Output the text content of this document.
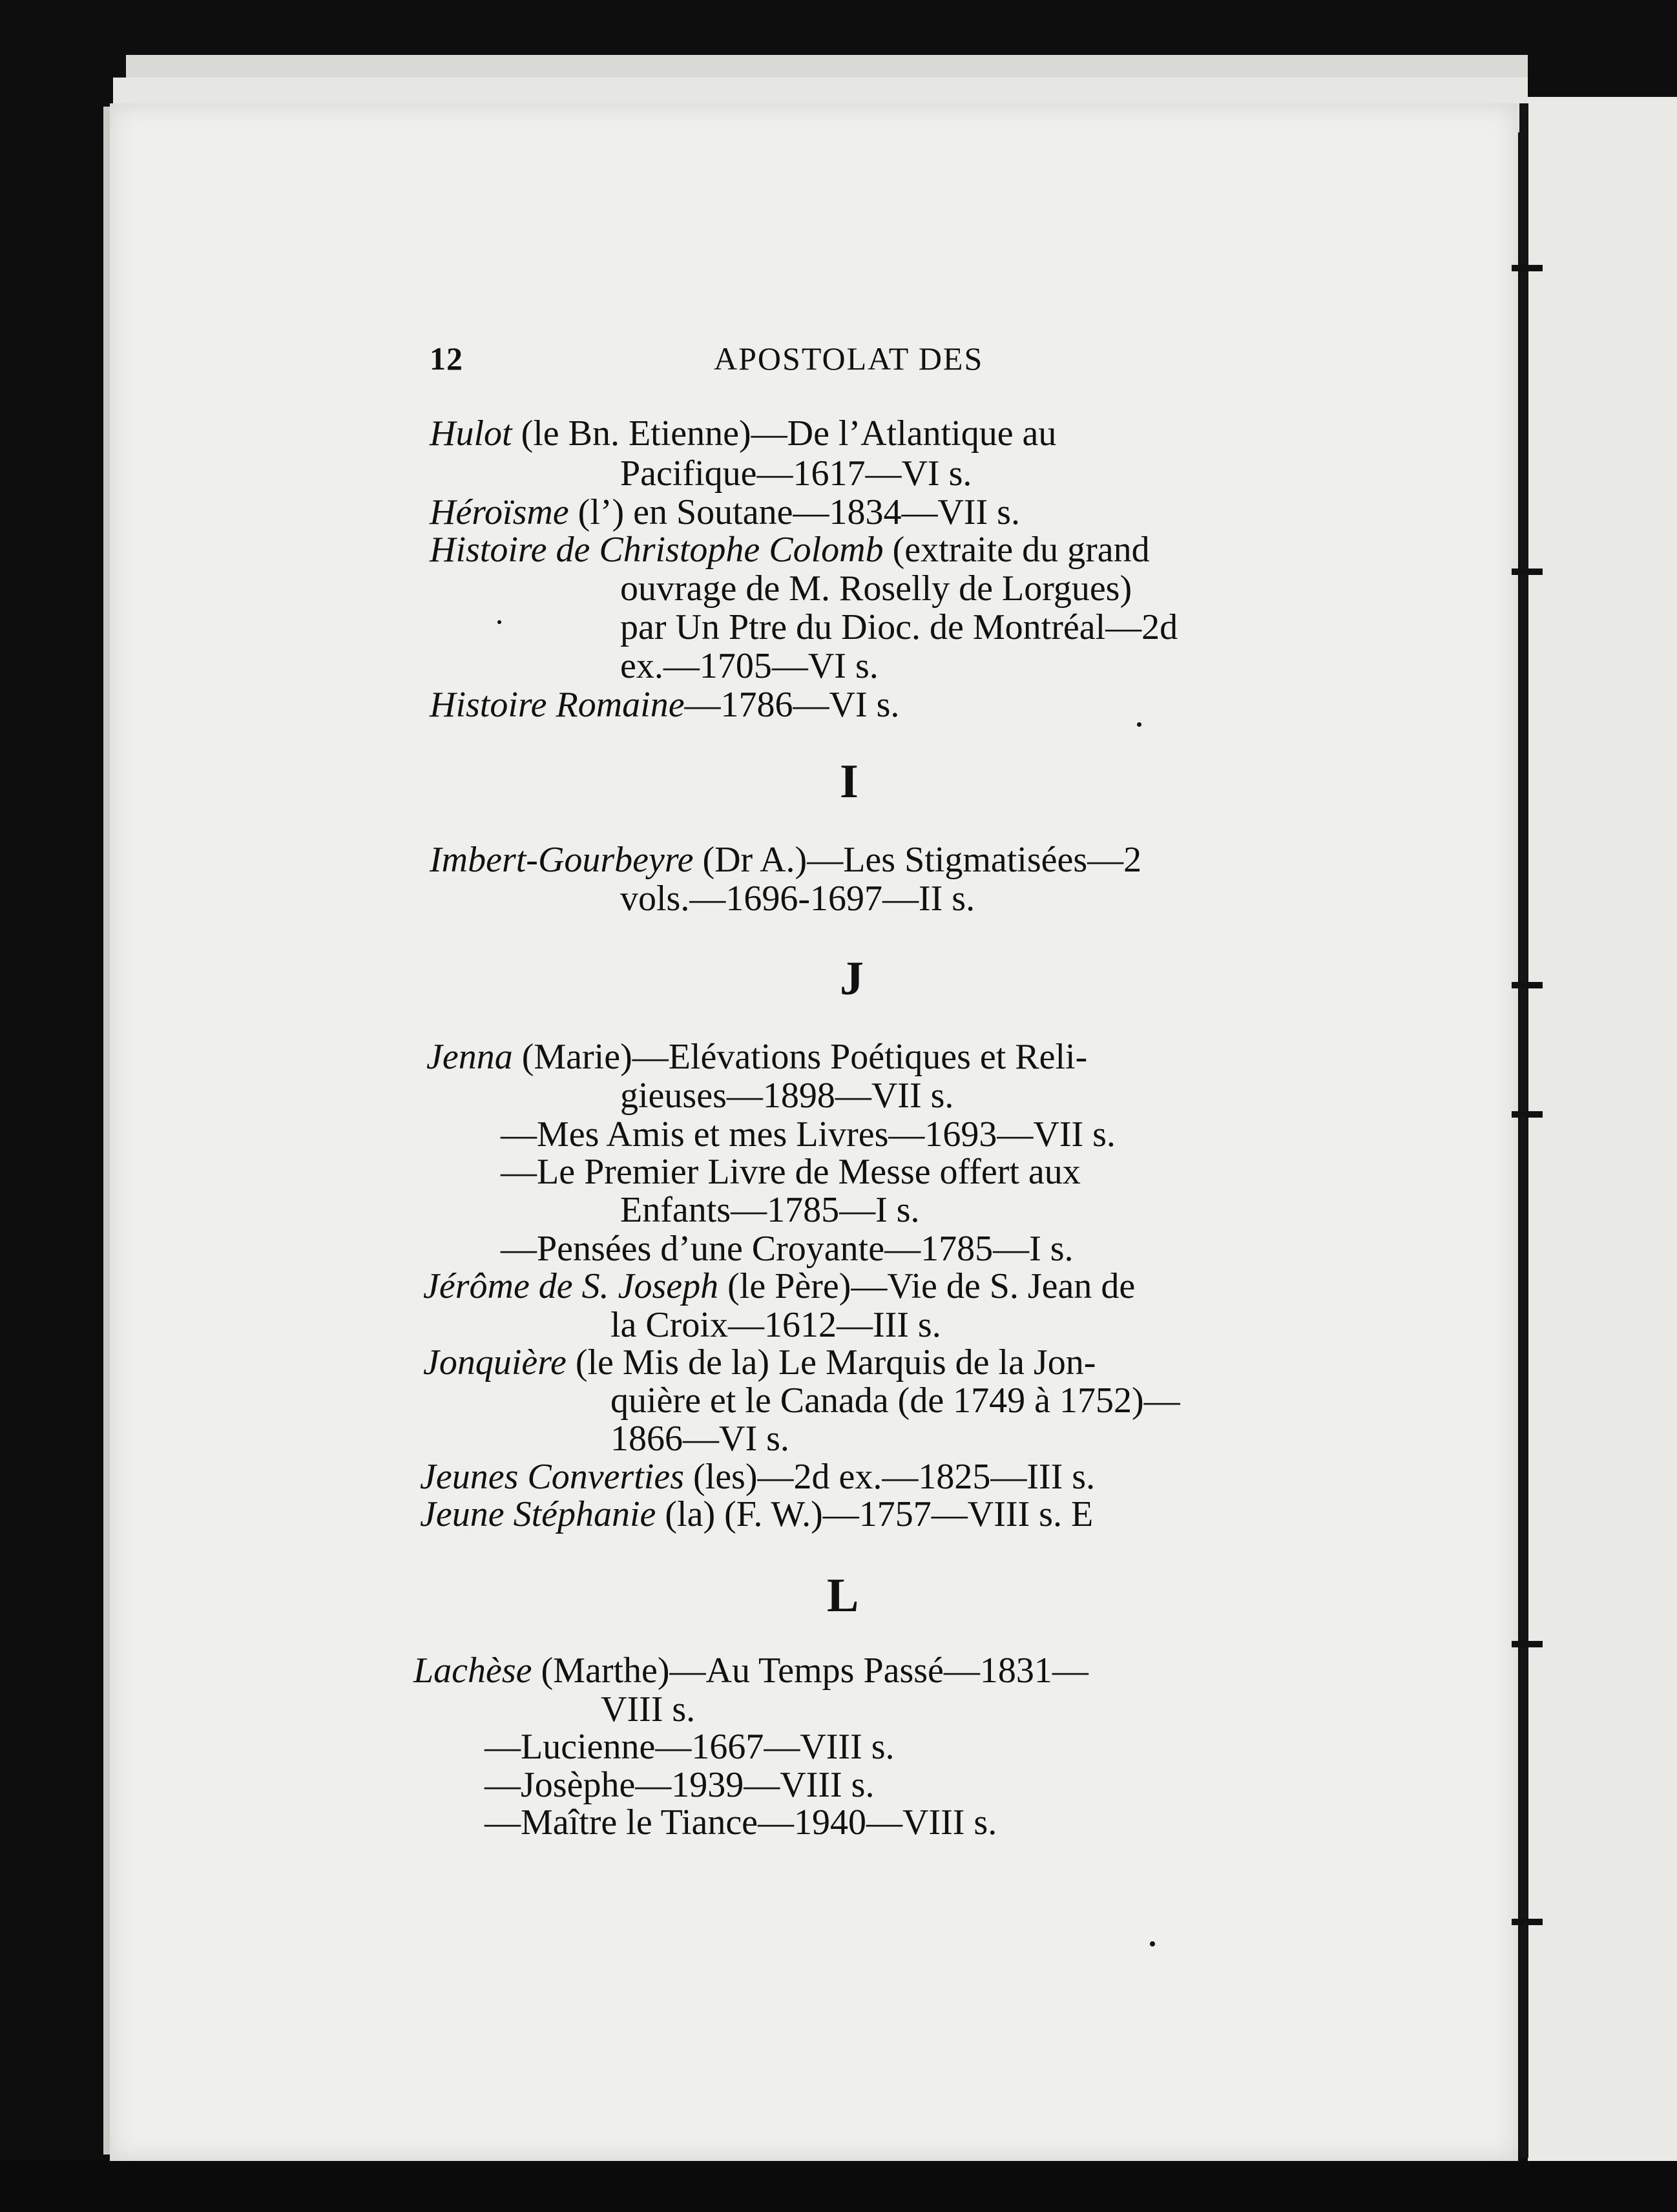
12	APOSTOLAT DES
Hulot (le Bn. Etienne)—De l’Atlantique au
Pacifique—1617—VI s.
Héroïsme (l’) en Soutane—1834—VII s.
Histoire de Christophe Colomb (extraite du grand
ouvrage de M. Roselly de Lorgues)
par Un Ptre du Dioc. de Montréal—2d
ex.—1705—VI s.
Histoire Romaine—1786—VI s.
I
Imbert-Gourbeyre (Dr A.)—Les Stigmatisées—2
vols.—1696-1697—II s.
J
Jenna (Marie)—Elévations Poétiques et Reli-
gieuses—1898—VII s.
—Mes Amis et mes Livres—1693—VII s.
—Le Premier Livre de Messe offert aux
Enfants—1785—I s.
—Pensées d’une Croyante—1785—I s.
Jérôme de S. Joseph (le Père)—Vie de S. Jean de
la Croix—1612—III s.
Jonquière (le Mis de la) Le Marquis de la Jon-
quière et le Canada (de 1749 à 1752)—
1866—VI s.
Jeunes Converties (les)—2d ex.—1825—III s.
Jeune Stéphanie (la) (F. W.)—1757—VIII s. E
L
Lachèse (Marthe)—Au Temps Passé—1831—
VIII s.
—Lucienne—1667—VIII s.
—Josèphe—1939—VIII s.
—Maître le Tiance—1940—VIII s.
